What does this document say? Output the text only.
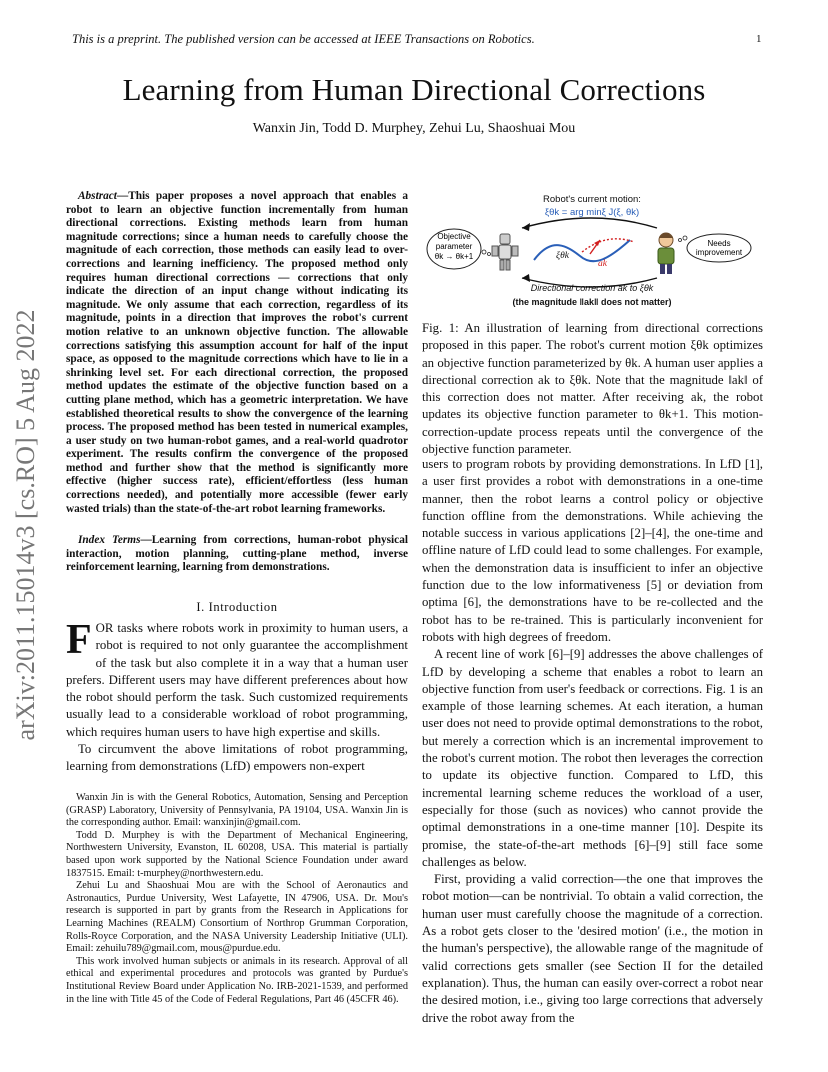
This is a preprint. The published version can be accessed at IEEE Transactions on Robotics.	1
Learning from Human Directional Corrections
Wanxin Jin, Todd D. Murphey, Zehui Lu, Shaoshuai Mou
arXiv:2011.15014v3 [cs.RO] 5 Aug 2022

Abstract—This paper proposes a novel approach that enables a robot to learn an objective function incrementally from human directional corrections. Existing methods learn from human magnitude corrections; since a human needs to carefully choose the magnitude of each correction, those methods can easily lead to over-corrections and learning inefficiency. The proposed method only requires human directional corrections — corrections that only indicate the direction of an input change without indicating its magnitude. We only assume that each correction, regardless of its magnitude, points in a direction that improves the robot's current motion relative to an unknown objective function. The allowable corrections satisfying this assumption account for half of the input space, as opposed to the magnitude corrections which have to lie in a shrinking level set. For each directional correction, the proposed method updates the estimate of the objective function based on a cutting plane method, which has a geometric interpretation. We have established theoretical results to show the convergence of the learning process. The proposed method has been tested in numerical examples, a user study on two human-robot games, and a real-world quadrotor experiment. The results confirm the convergence of the proposed method and further show that the method is significantly more effective (higher success rate), efficient/effortless (less human corrections needed), and potentially more accessible (fewer early wasted trials) than the state-of-the-art robot learning frameworks.

Index Terms—Learning from corrections, human-robot physical interaction, motion planning, cutting-plane method, inverse reinforcement learning, learning from demonstrations.

I. Introduction

FOR tasks where robots work in proximity to human users, a robot is required to not only guarantee the accomplishment of the task but also complete it in a way that a human user prefers. Different users may have different preferences about how the robot should perform the task. Such customized requirements usually lead to a considerable workload of robot programming, which requires human users to have high expertise and skills.

To circumvent the above limitations of robot programming, learning from demonstrations (LfD) empowers non-expert

Wanxin Jin is with the General Robotics, Automation, Sensing and Perception (GRASP) Laboratory, University of Pennsylvania, PA 19104, USA. Wanxin Jin is the corresponding author. Email: wanxinjin@gmail.com.

Todd D. Murphey is with the Department of Mechanical Engineering, Northwestern University, Evanston, IL 60208, USA. This material is partially based upon work supported by the National Science Foundation under award 1837515. Email: t-murphey@northwestern.edu.

Zehui Lu and Shaoshuai Mou are with the School of Aeronautics and Astronautics, Purdue University, West Lafayette, IN 47906, USA. Dr. Mou's research is supported in part by grants from the Research in Applications for Learning Machines (REALM) Consortium of Northrop Grumman Corporation, Rolls-Royce Corporation, and the NASA University Leadership Initiative (ULI). Email: zehuilu789@gmail.com, mous@purdue.edu.

This work involved human subjects or animals in its research. Approval of all ethical and experimental procedures and protocols was granted by Purdue's Institutional Review Board under Application No. IRB-2021-1539, and performed in the line with Title 45 of the Code of Federal Regulations, Part 46 (45CFR 46).

Robot's current motion:
ξθk = arg minξ J(ξ, θk)
Objective
parameter
θk → θk+1	ξθk
ak
Needs
improvement
Directional correction ak to ξθk
(the magnitude ‖ak‖ does not matter)
Fig. 1: An illustration of learning from directional corrections proposed in this paper. The robot's current motion ξθk optimizes an objective function parameterized by θk. A human user applies a directional correction ak to ξθk. Note that the magnitude ‖ak‖ of this correction does not matter. After receiving ak, the robot updates its objective function parameter to θk+1. This motion-correction-update process repeats until the convergence of the objective function parameter.

users to program robots by providing demonstrations. In LfD [1], a user first provides a robot with demonstrations in a one-time manner, then the robot learns a control policy or objective function offline from the demonstrations. While achieving the notable success in various applications [2]–[4], the one-time and offline nature of LfD could lead to some challenges. For example, when the demonstration data is insufficient to infer an objective function due to the low informativeness [5] or deviation from optima [6], the demonstrations have to be re-collected and the robot has to be re-trained. This is particularly inconvenient for robots with high degrees of freedom.

A recent line of work [6]–[9] addresses the above challenges of LfD by developing a scheme that enables a robot to learn an objective function from user's feedback or corrections. Fig. 1 is an example of those learning schemes. At each iteration, a human user does not need to provide optimal demonstrations to the robot, but merely a correction which is an incremental improvement to the robot's current motion. The robot then leverages the correction to update its objective function. Compared to LfD, this incremental learning scheme reduces the workload of a user, especially for those (such as novices) who cannot provide the optimal demonstrations in a one-time manner [10]. Despite its promise, the state-of-the-art methods [6]–[9] still face some challenges as below.

First, providing a valid correction—the one that improves the robot motion—can be nontrivial. To obtain a valid correction, the human user must carefully choose the magnitude of a correction. As a robot gets closer to the 'desired motion' (i.e., the motion in the human's perspective), the allowable range of the magnitude of valid corrections gets smaller (see Section II for the detailed explanation). Thus, the human can easily over-correct a robot near the desired motion, i.e., giving too large corrections that adversely drive the robot away from the
